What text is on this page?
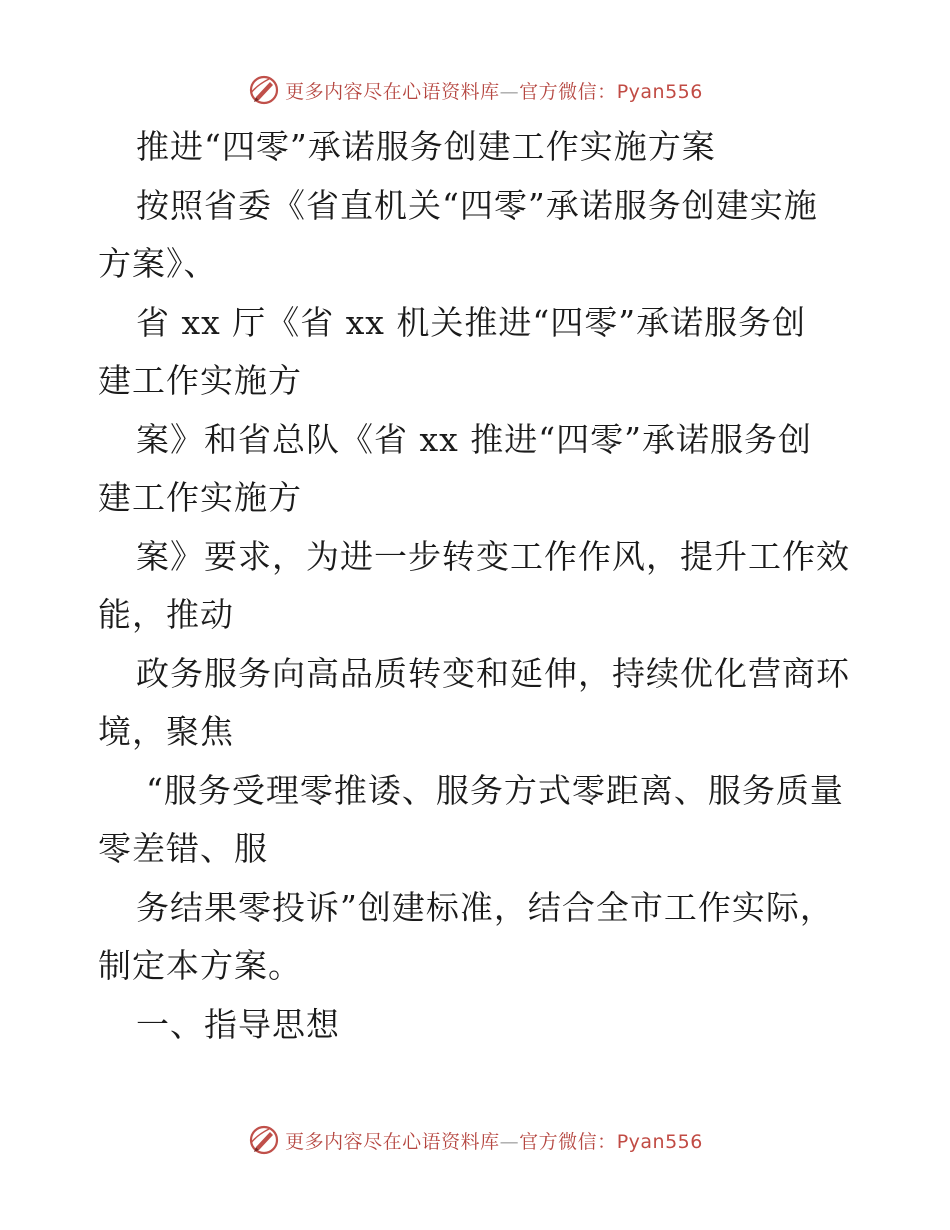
更多内容尽在心语资料库—官方微信：Pyan556
推进“四零”承诺服务创建工作实施方案
按照省委《省直机关“四零”承诺服务创建实施
方案》、
省 xx 厅《省 xx 机关推进“四零”承诺服务创
建工作实施方
案》和省总队《省 xx 推进“四零”承诺服务创
建工作实施方
案》要求，为进一步转变工作作风，提升工作效
能，推动
政务服务向高品质转变和延伸，持续优化营商环
境，聚焦
“服务受理零推诿、服务方式零距离、服务质量
零差错、服
务结果零投诉”创建标准，结合全市工作实际，
制定本方案。
一、指导思想
更多内容尽在心语资料库—官方微信：Pyan556
